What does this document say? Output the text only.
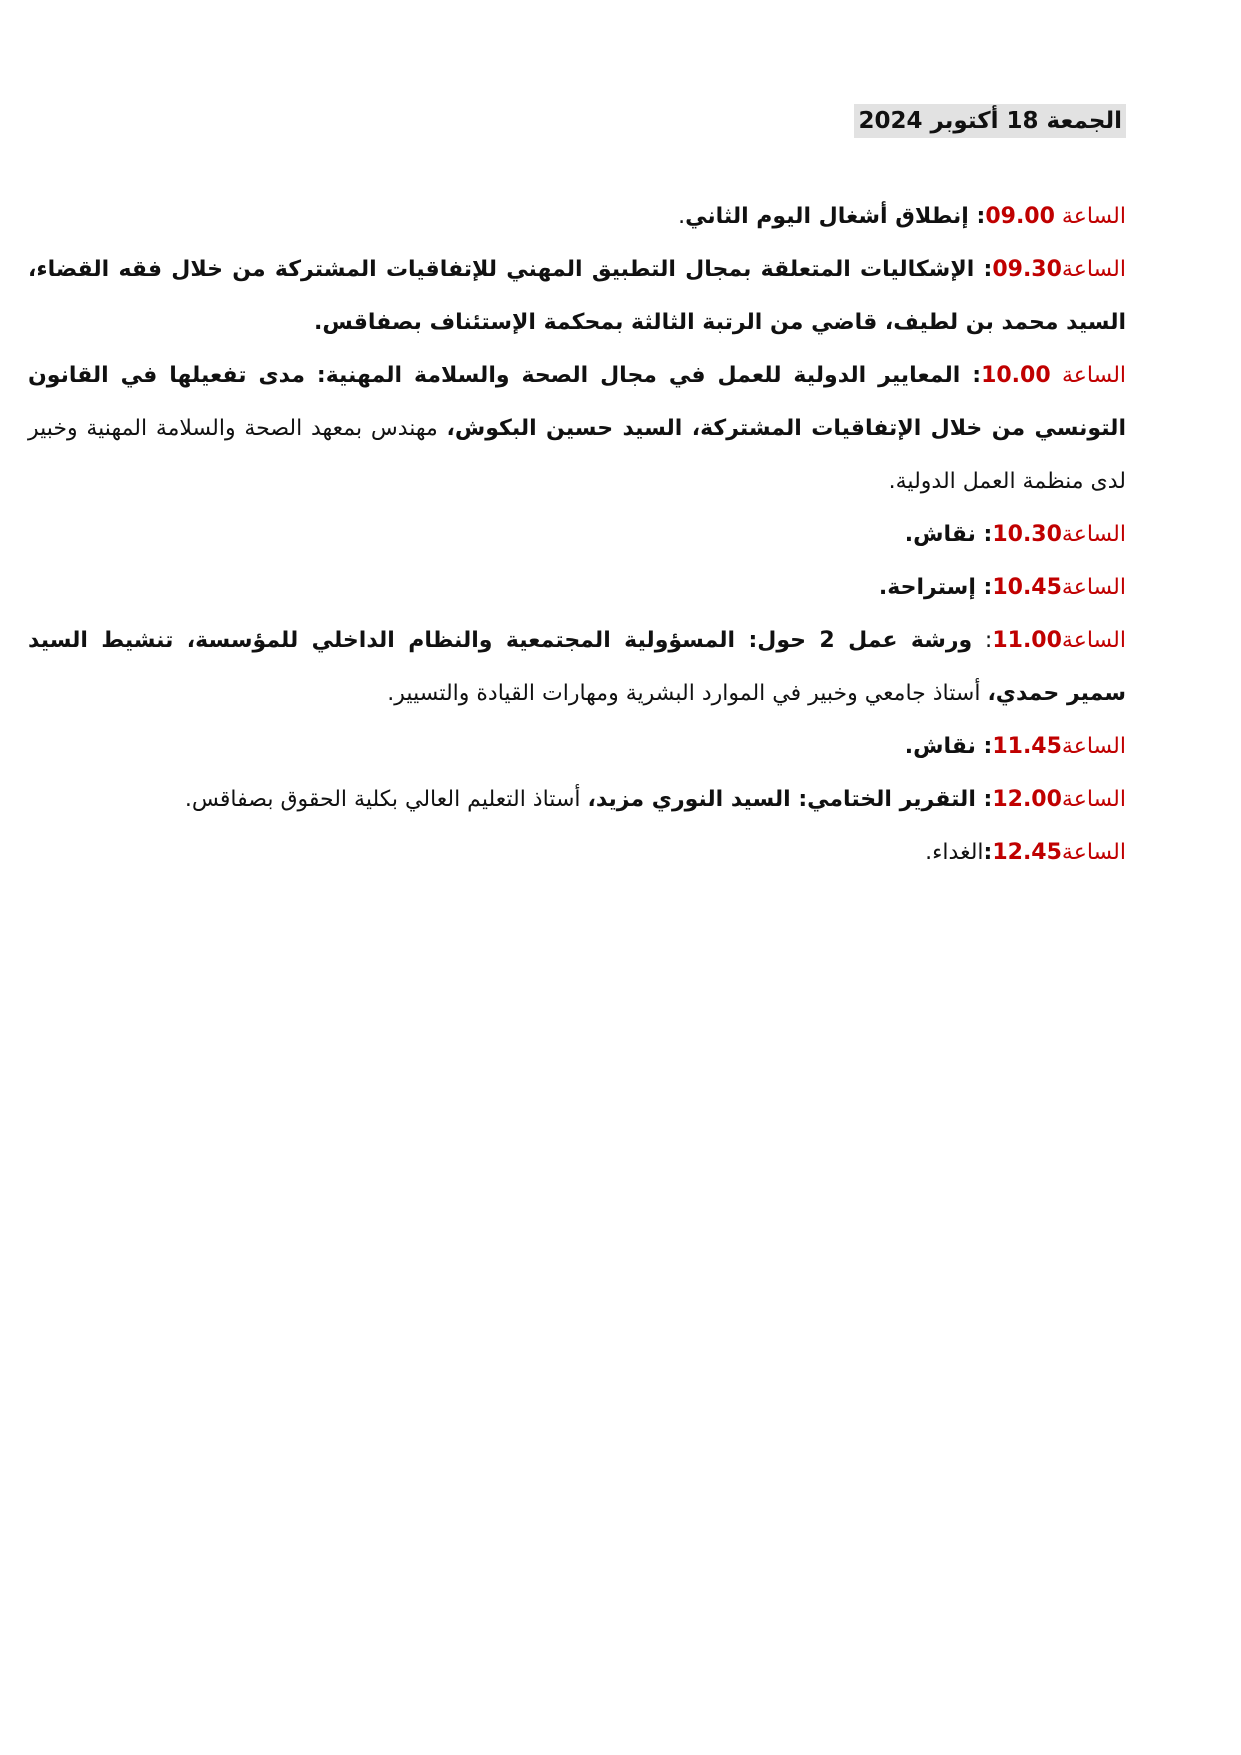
الجمعة 18 أكتوبر 2024

الساعة 09.00: إنطلاق أشغال اليوم الثاني.

الساعة09.30: الإشكاليات المتعلقة بمجال التطبيق المهني للإتفاقيات المشتركة من خلال فقه القضاء، السيد محمد بن لطيف، قاضي من الرتبة الثالثة بمحكمة الإستئناف بصفاقس.

الساعة 10.00: المعايير الدولية للعمل في مجال الصحة والسلامة المهنية: مدى تفعيلها في القانون التونسي من خلال الإتفاقيات المشتركة، السيد حسين البكوش، مهندس بمعهد الصحة والسلامة المهنية وخبير لدى منظمة العمل الدولية.

الساعة10.30: نقاش.

الساعة10.45: إستراحة.

الساعة11.00: ورشة عمل 2 حول: المسؤولية المجتمعية والنظام الداخلي للمؤسسة، تنشيط السيد سمير حمدي، أستاذ جامعي وخبير في الموارد البشرية ومهارات القيادة والتسيير.

الساعة11.45: نقاش.

الساعة12.00: التقرير الختامي: السيد النوري مزيد، أستاذ التعليم العالي بكلية الحقوق بصفاقس.

الساعة12.45:الغداء.
